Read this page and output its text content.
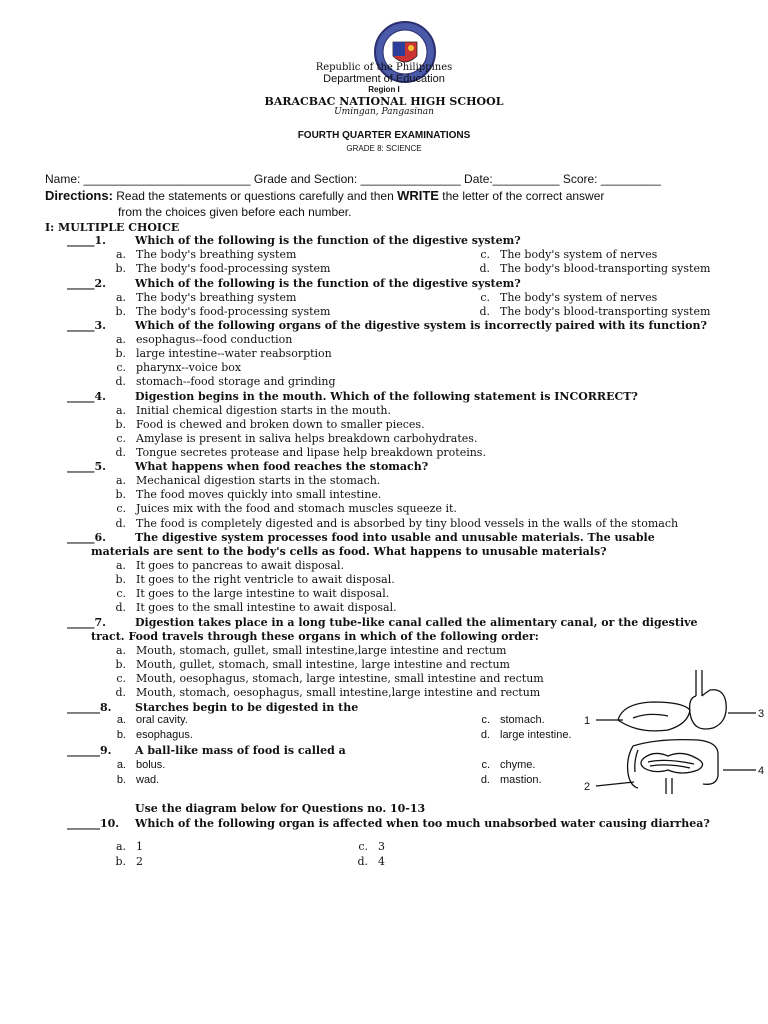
Republic of the Philippines
Department of Education
Region I
BARACBAC NATIONAL HIGH SCHOOL
Umingan, Pangasinan
FOURTH QUARTER EXAMINATIONS
GRADE 8: SCIENCE
Name: _________________________ Grade and Section: _______________ Date:__________ Score: _________
Directions: Read the statements or questions carefully and then WRITE the letter of the correct answer
from the choices given before each number.
I: MULTIPLE CHOICE
_____1.	Which of the following is the function of the digestive system?
a. The body's breathing system	c. The body's system of nerves
b. The body's food-processing system	d. The body's blood-transporting system
_____2.	Which of the following is the function of the digestive system?
a. The body's breathing system	c. The body's system of nerves
b. The body's food-processing system	d. The body's blood-transporting system
_____3.	Which of the following organs of the digestive system is incorrectly paired with its function?
a. esophagus--food conduction
b. large intestine--water reabsorption
c. pharynx--voice box
d. stomach--food storage and grinding
_____4.	Digestion begins in the mouth. Which of the following statement is INCORRECT?
a. Initial chemical digestion starts in the mouth.
b. Food is chewed and broken down to smaller pieces.
c. Amylase is present in saliva helps breakdown carbohydrates.
d. Tongue secretes protease and lipase help breakdown proteins.
_____5.	What happens when food reaches the stomach?
a. Mechanical digestion starts in the stomach.
b. The food moves quickly into small intestine.
c. Juices mix with the food and stomach muscles squeeze it.
d. The food is completely digested and is absorbed by tiny blood vessels in the walls of the stomach
_____6.	The digestive system processes food into usable and unusable materials. The usable
materials are sent to the body's cells as food. What happens to unusable materials?
a. It goes to pancreas to await disposal.
b. It goes to the right ventricle to await disposal.
c. It goes to the large intestine to wait disposal.
d. It goes to the small intestine to await disposal.
_____7.	Digestion takes place in a long tube-like canal called the alimentary canal, or the digestive
tract. Food travels through these organs in which of the following order:
a. Mouth, stomach, gullet, small intestine,large intestine and rectum
b. Mouth, gullet, stomach, small intestine, large intestine and rectum
c. Mouth, oesophagus, stomach, large intestine, small intestine and rectum
d. Mouth, stomach, oesophagus, small intestine,large intestine and rectum
______8. Starches begin to be digested in the
a. oral cavity.	c. stomach.
b. esophagus.	d. large intestine.
______9. A ball-like mass of food is called a
a. bolus.	c. chyme.
b. wad.	d. mastion.
Use the diagram below for Questions no. 10-13
______10. Which of the following organ is affected when too much unabsorbed water causing diarrhea?
a. 1	c. 3
b. 2	d. 4
1
2
3
4
